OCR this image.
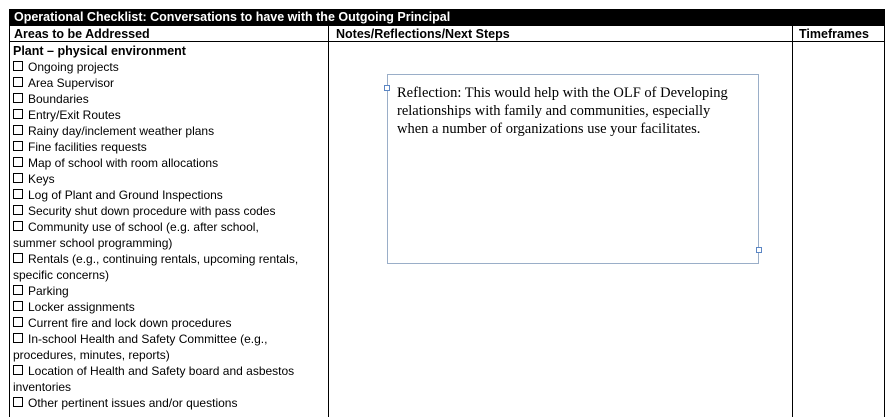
Operational Checklist: Conversations to have with the Outgoing Principal
Areas to be Addressed	Notes/Reflections/Next Steps	Timeframes
Plant – physical environment
Ongoing projects
Area Supervisor
Boundaries
Entry/Exit Routes
Rainy day/inclement weather plans
Fine facilities requests
Map of school with room allocations
Keys
Log of Plant and Ground Inspections
Security shut down procedure with pass codes
Community use of school (e.g. after school,
summer school programming)
Rentals (e.g., continuing rentals, upcoming rentals,
specific concerns)
Parking
Locker assignments
Current fire and lock down procedures
In-school Health and Safety Committee (e.g.,
procedures, minutes, reports)
Location of Health and Safety board and asbestos
inventories
Other pertinent issues and/or questions
Reflection: This would help with the OLF of Developing
relationships with family and communities, especially
when a number of organizations use your facilitates.
